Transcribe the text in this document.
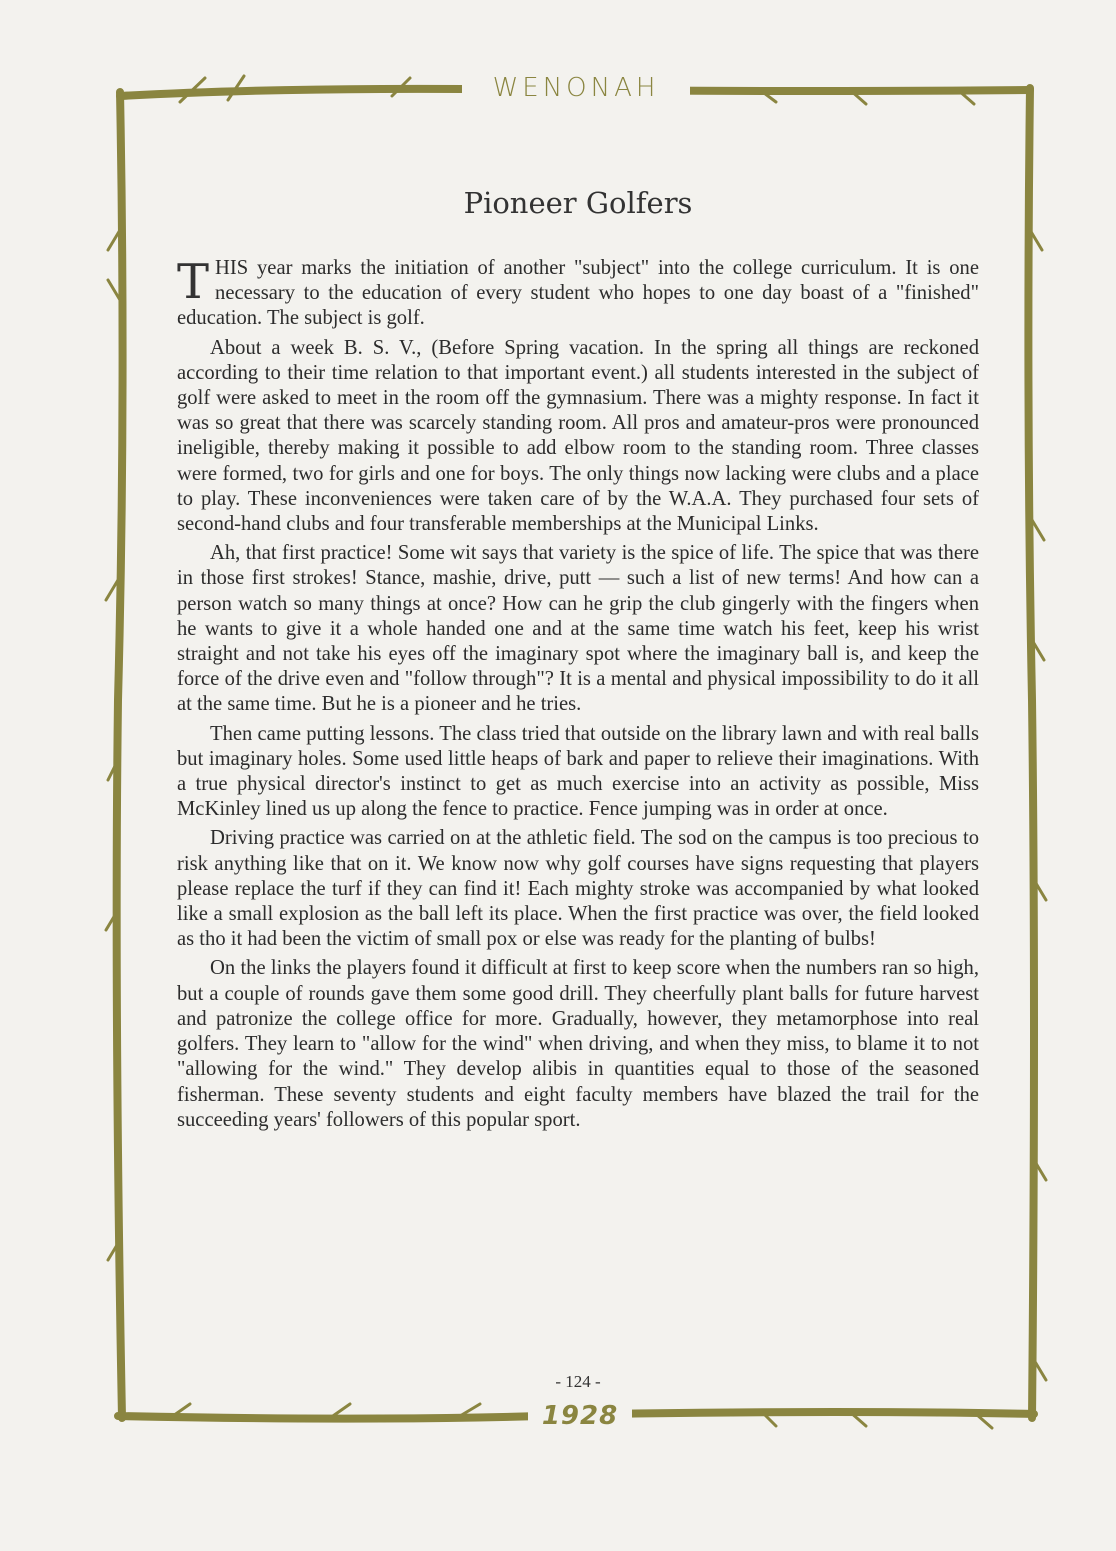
WENONAH
Pioneer Golfers

THIS year marks the initiation of another "subject" into the college curriculum. It is one necessary to the education of every student who hopes to one day boast of a "finished" education. The subject is golf.

About a week B. S. V., (Before Spring vacation. In the spring all things are reckoned according to their time relation to that important event.) all students interested in the subject of golf were asked to meet in the room off the gymnasium. There was a mighty response. In fact it was so great that there was scarcely standing room. All pros and amateur-pros were pronounced ineligible, thereby making it possible to add elbow room to the standing room. Three classes were formed, two for girls and one for boys. The only things now lacking were clubs and a place to play. These inconveniences were taken care of by the W.A.A. They purchased four sets of second-hand clubs and four transferable memberships at the Municipal Links.

Ah, that first practice! Some wit says that variety is the spice of life. The spice that was there in those first strokes! Stance, mashie, drive, putt — such a list of new terms! And how can a person watch so many things at once? How can he grip the club gingerly with the fingers when he wants to give it a whole handed one and at the same time watch his feet, keep his wrist straight and not take his eyes off the imaginary spot where the imaginary ball is, and keep the force of the drive even and "follow through"? It is a mental and physical impossibility to do it all at the same time. But he is a pioneer and he tries.

Then came putting lessons. The class tried that outside on the library lawn and with real balls but imaginary holes. Some used little heaps of bark and paper to relieve their imaginations. With a true physical director's instinct to get as much exercise into an activity as possible, Miss McKinley lined us up along the fence to practice. Fence jumping was in order at once.

Driving practice was carried on at the athletic field. The sod on the campus is too precious to risk anything like that on it. We know now why golf courses have signs requesting that players please replace the turf if they can find it! Each mighty stroke was accompanied by what looked like a small explosion as the ball left its place. When the first practice was over, the field looked as tho it had been the victim of small pox or else was ready for the planting of bulbs!

On the links the players found it difficult at first to keep score when the numbers ran so high, but a couple of rounds gave them some good drill. They cheerfully plant balls for future harvest and patronize the college office for more. Gradually, however, they metamorphose into real golfers. They learn to "allow for the wind" when driving, and when they miss, to blame it to not "allowing for the wind." They develop alibis in quantities equal to those of the seasoned fisherman. These seventy students and eight faculty members have blazed the trail for the succeeding years' followers of this popular sport.

- 124 -
1928
